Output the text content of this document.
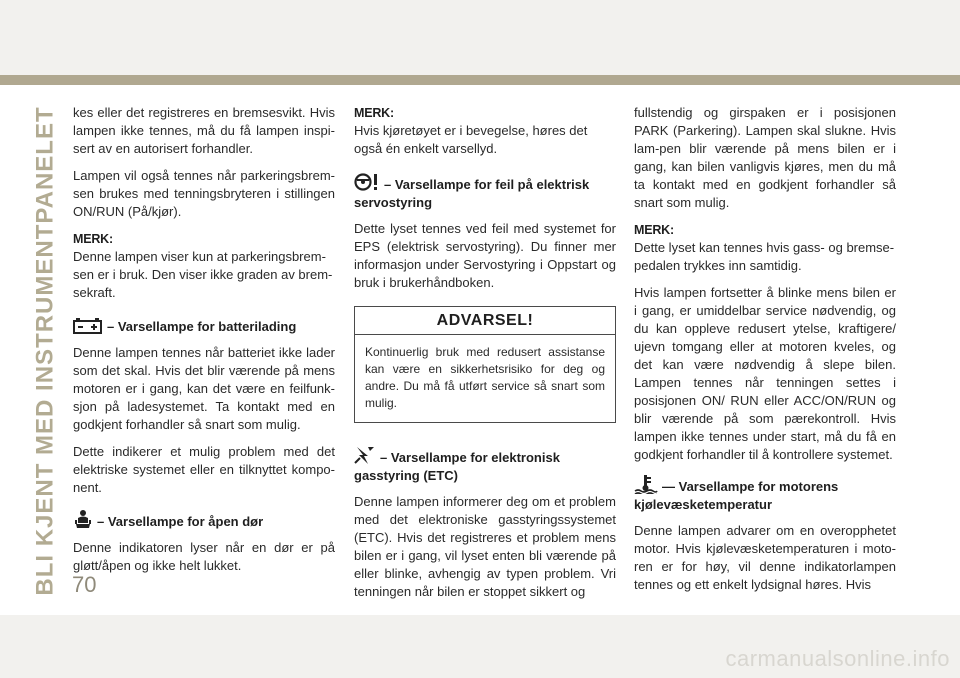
BLI KJENT MED INSTRUMENTPANELET kes eller det registreres en bremsesvikt. Hvis lampen ikke tennes, må du få lampen inspi-sert av en autorisert forhandler.

Lampen vil også tennes når parkeringsbrem-sen brukes med tenningsbryteren i stillingen ON/RUN (På/kjør).

MERK:
Denne lampen viser kun at parkeringsbrem-sen er i bruk. Den viser ikke graden av brem-sekraft.
– Varsellampe for batterilading

Denne lampen tennes når batteriet ikke lader som det skal. Hvis det blir værende på mens motoren er i gang, kan det være en feilfunk-sjon på ladesystemet. Ta kontakt med en godkjent forhandler så snart som mulig.

Dette indikerer et mulig problem med det elektriske systemet eller en tilknyttet kompo-nent.

– Varsellampe for åpen dør

Denne indikatoren lyser når en dør er på gløtt/åpen og ikke helt lukket.

MERK:
Hvis kjøretøyet er i bevegelse, høres det også én enkelt varsellyd.
– Varsellampe for feil på elektrisk servostyring

Dette lyset tennes ved feil med systemet for EPS (elektrisk servostyring). Du finner mer informasjon under Servostyring i Oppstart og bruk i brukerhåndboken.

ADVARSEL!
Kontinuerlig bruk med redusert assistanse kan være en sikkerhetsrisiko for deg og andre. Du må få utført service så snart som mulig.
– Varsellampe for elektronisk gasstyring (ETC)

Denne lampen informerer deg om et problem med det elektroniske gasstyringssystemet (ETC). Hvis det registreres et problem mens bilen er i gang, vil lyset enten bli værende på eller blinke, avhengig av typen problem. Vri tenningen når bilen er stoppet sikkert og

fullstendig og girspaken er i posisjonen PARK (Parkering). Lampen skal slukne. Hvis lam-pen blir værende på mens bilen er i gang, kan bilen vanligvis kjøres, men du må ta kontakt med en godkjent forhandler så snart som mulig.

MERK:
Dette lyset kan tennes hvis gass- og bremse-pedalen trykkes inn samtidig.

Hvis lampen fortsetter å blinke mens bilen er i gang, er umiddelbar service nødvendig, og du kan oppleve redusert ytelse, kraftigere/ ujevn tomgang eller at motoren kveles, og det kan være nødvendig å slepe bilen. Lampen tennes når tenningen settes i posisjonen ON/ RUN eller ACC/ON/RUN og blir værende på som pærekontroll. Hvis lampen ikke tennes under start, må du få en godkjent forhandler til å kontrollere systemet.

— Varsellampe for motorens kjølevæsketemperatur

Denne lampen advarer om en overopphetet motor. Hvis kjølevæsketemperaturen i moto-ren er for høy, vil denne indikatorlampen tennes og ett enkelt lydsignal høres. Hvis

70
carmanualsonline.info
